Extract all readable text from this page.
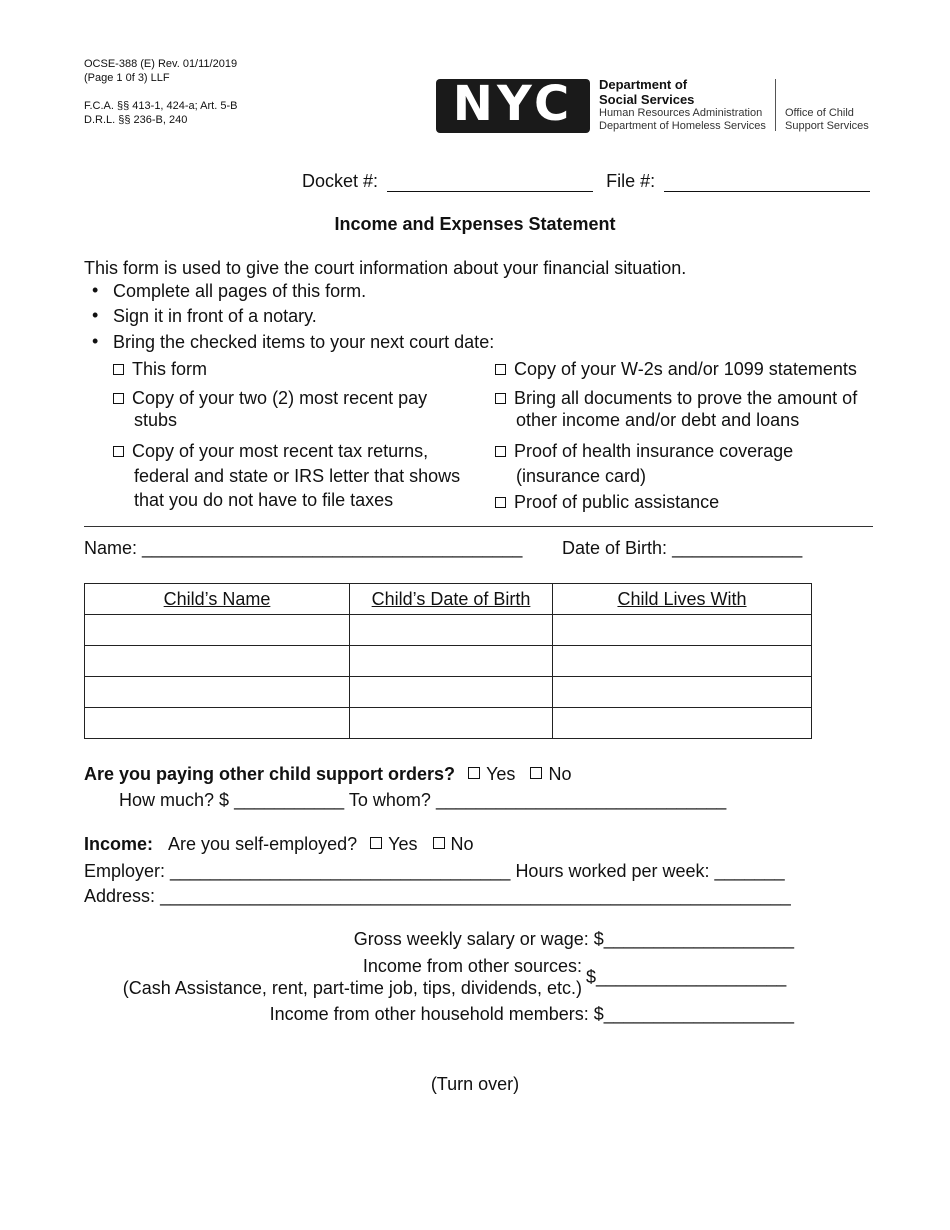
OCSE-388 (E) Rev. 01/11/2019
(Page 1 0f 3) LLF
F.C.A. §§ 413-1, 424-a; Art. 5-B
D.R.L. §§ 236-B, 240	NYC	Department of
Social Services
Human Resources Administration
Department of Homeless Services
Office of Child
Support Services
Docket #:	File #:
Income and Expenses Statement
This form is used to give the court information about your financial situation.
• Complete all pages of this form.
• Sign it in front of a notary.
• Bring the checked items to your next court date:
This form
Copy of your two (2) most recent pay
stubs
Copy of your most recent tax returns,
federal and state or IRS letter that shows
that you do not have to file taxes
Copy of your W-2s and/or 1099 statements
Bring all documents to prove the amount of
other income and/or debt and loans
Proof of health insurance coverage
(insurance card)
Proof of public assistance
Name: ______________________________________ Date of Birth: _____________
Child’s Name	Child’s Date of Birth	Child Lives With

Are you paying other child support orders? Yes No
How much? $ ___________ To whom? _____________________________
Income: Are you self-employed? Yes No
Employer: __________________________________ Hours worked per week: _______
Address: _______________________________________________________________
Gross weekly salary or wage: $___________________
Income from other sources:
(Cash Assistance, rent, part-time job, tips, dividends, etc.)
$___________________
Income from other household members: $___________________
(Turn over)
